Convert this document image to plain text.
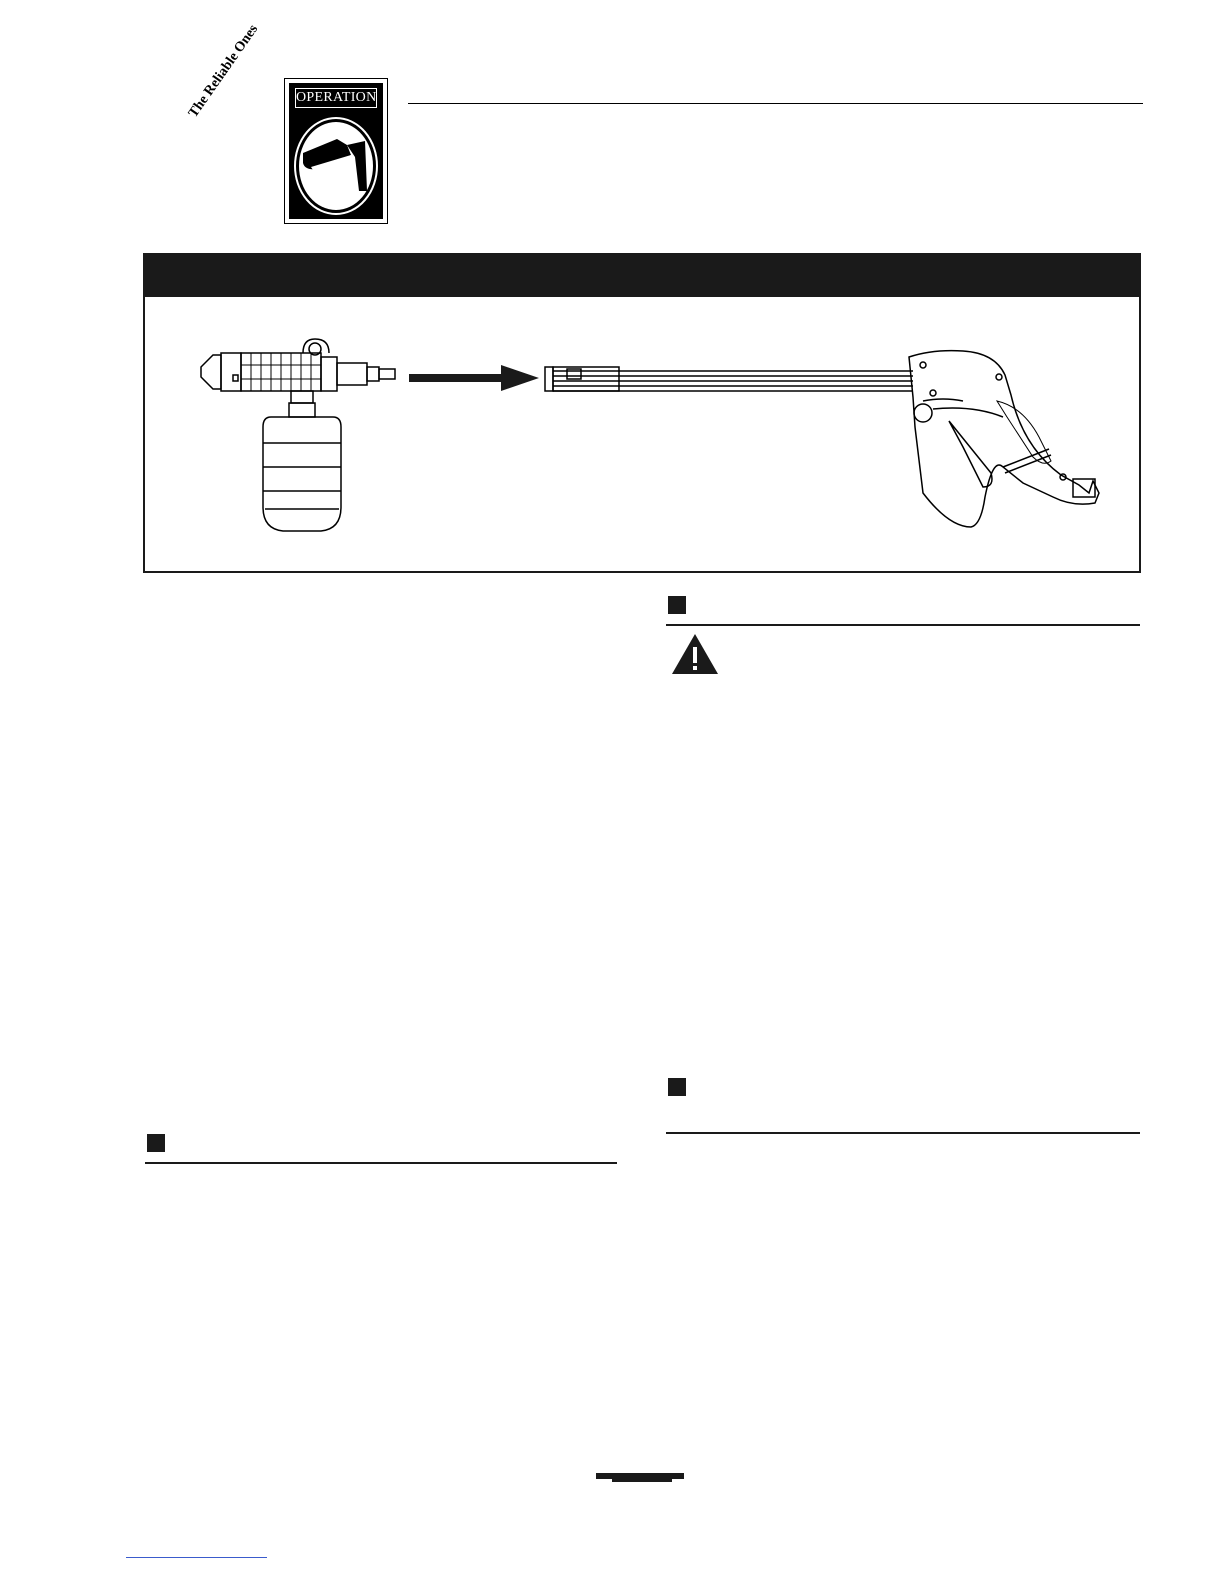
The Reliable Ones OPERATION
